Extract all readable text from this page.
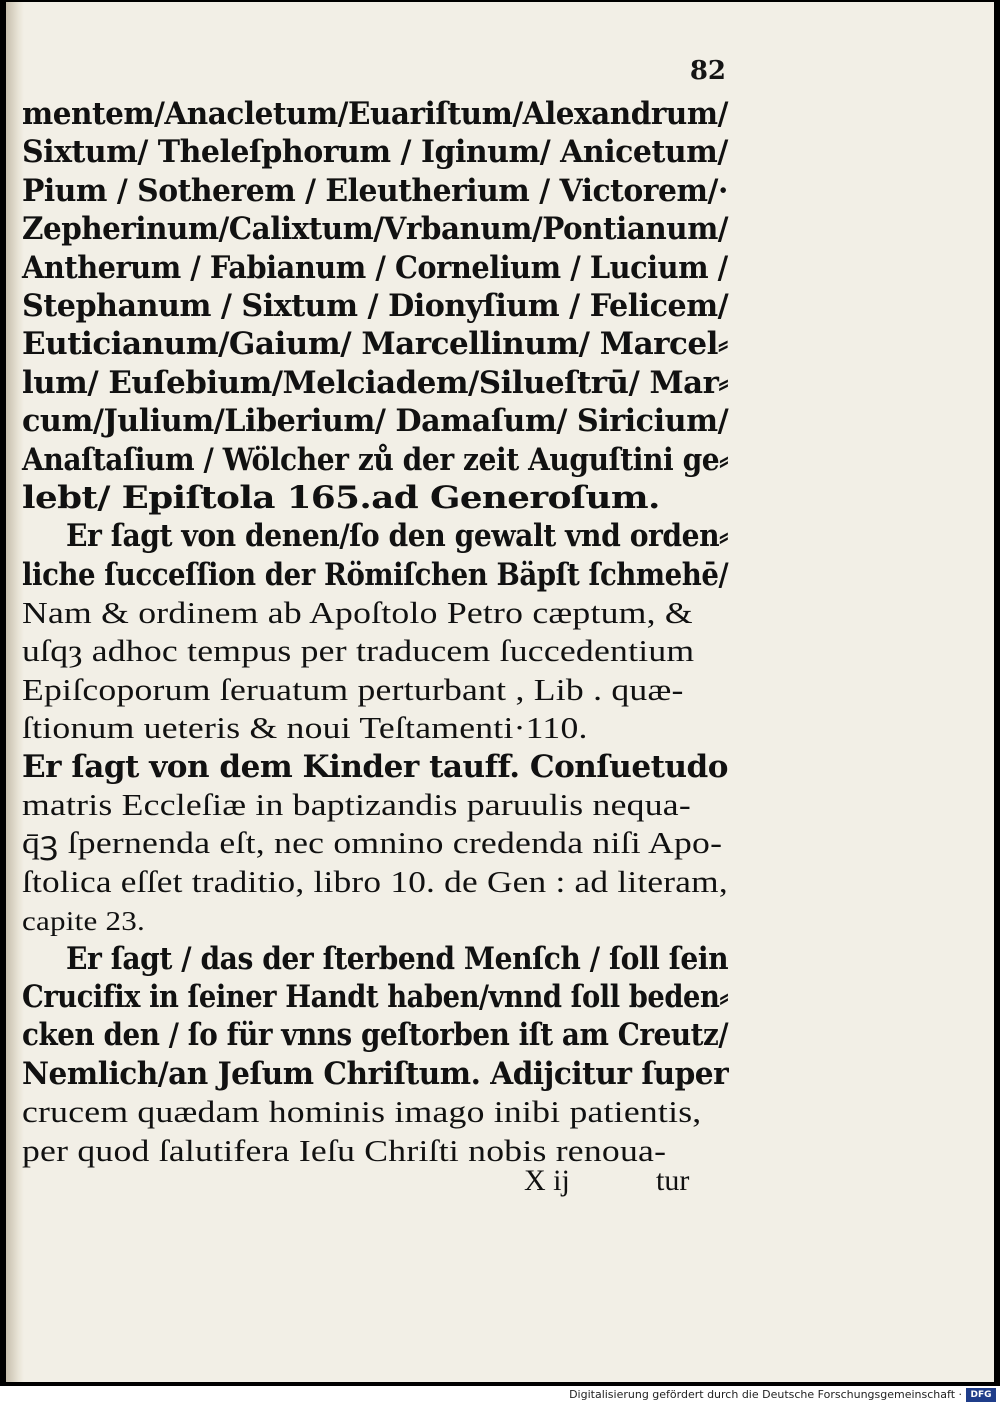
82
mentem/Anacletum/Euariſtum/Alexandrum/
Sixtum/ Theleſphorum / Iginum/ Anicetum/
Pium / Sotherem / Eleutherium / Victorem/·
Zepherinum/Calixtum/Vrbanum/Pontianum/
Antherum / Fabianum / Cornelium / Lucium /
Stephanum / Sixtum / Dionyſium / Felicem/
Euticianum/Gaium/ Marcellinum/ Marcel⸗
lum/ Euſebium/Melciadem/Silueſtrū/ Mar⸗
cum/Julium/Liberium/ Damaſum/ Siricium/
Anaſtaſium / Wölcher zů der zeit Auguſtini ge⸗
lebt/ Epiſtola 165.ad Generoſum.
Er ſagt von denen/ſo den gewalt vnd orden⸗
liche ſucceſſion der Römiſchen Bäpſt ſchmehē/
Nam & ordinem ab Apoſtolo Petro cæptum, &
uſqȝ adhoc tempus per traducem ſuccedentium
Epiſcoporum ſeruatum perturbant , Lib . quæ-
ſtionum ueteris & noui Teſtamenti·110.
Er ſagt von dem Kinder tauff. Conſuetudo
matris Eccleſiæ in baptizandis paruulis nequa-
q̄ꝫ ſpernenda eſt, nec omnino credenda niſi Apo-
ſtolica eſſet traditio, libro 10. de Gen : ad literam,
capite 23.
Er ſagt / das der ſterbend Menſch / ſoll ſein
Crucifix in ſeiner Handt haben/vnnd ſoll beden⸗
cken den / ſo für vnns geſtorben iſt am Creutz/
Nemlich/an Jeſum Chriſtum. Adijcitur ſuper
crucem quædam hominis imago inibi patientis,
per quod ſalutifera Ieſu Chriſti nobis renoua-
X ij	tur
Digitalisierung gefördert durch die Deutsche Forschungsgemeinschaft · DFG
